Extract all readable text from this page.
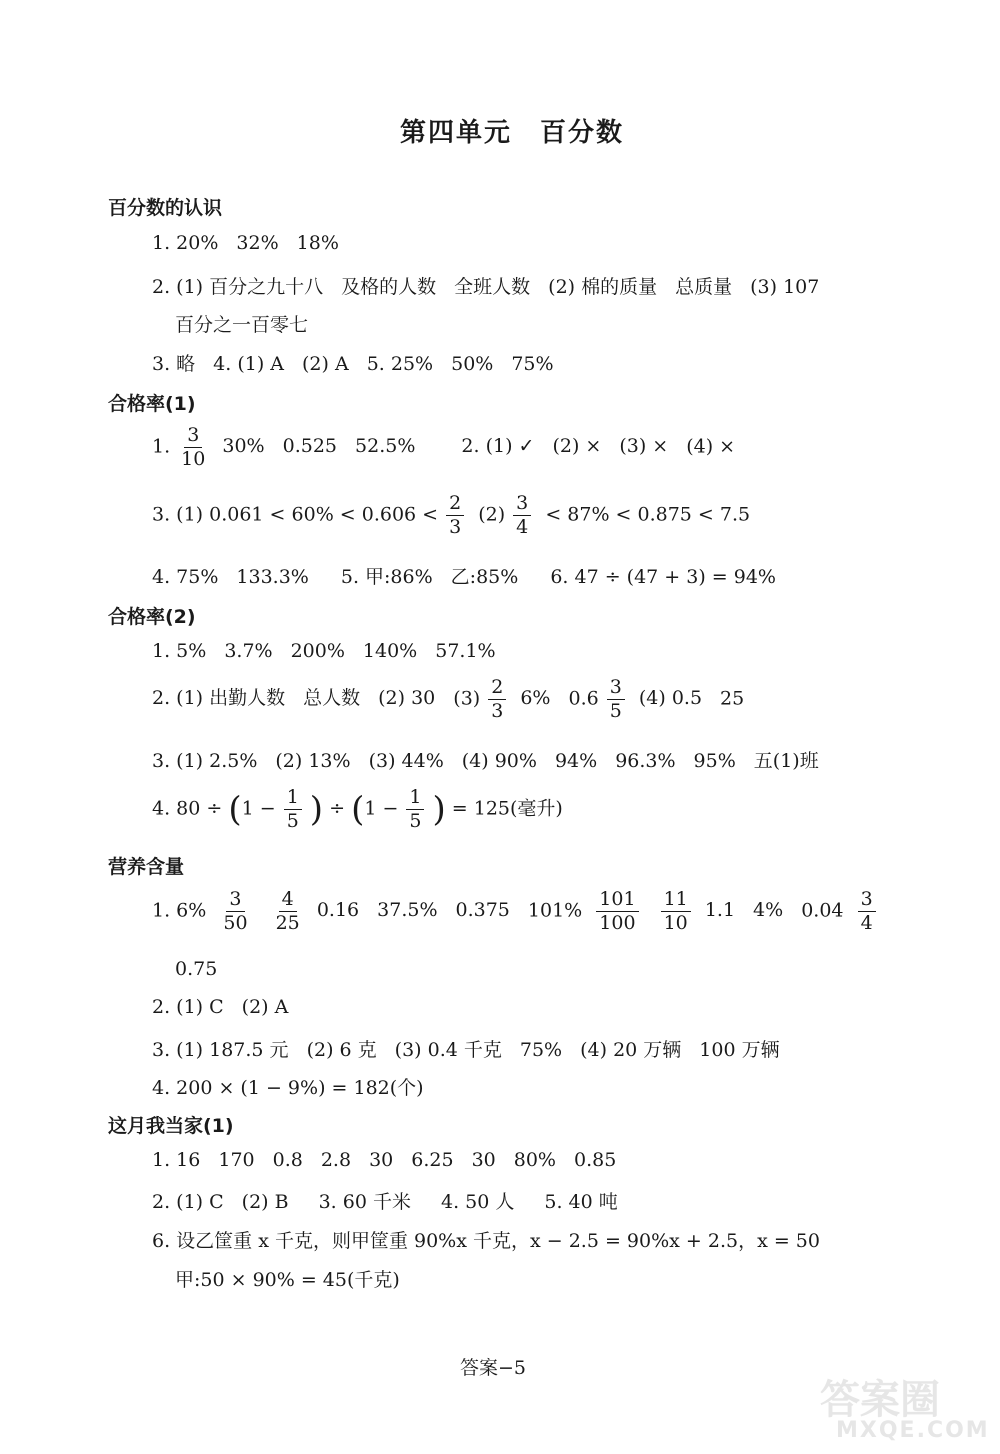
第四单元　百分数
百分数的认识
1. 20% 32% 18%
2. (1) 百分之九十八 及格的人数 全班人数 (2) 棉的质量 总质量 (3) 107
百分之一百零七
3. 略 4. (1) A (2) A 5. 25% 50% 75%
合格率(1)
1. $\frac{3}{10} 30\%$ 0.525 52.5% 2. (1) ✓ (2) × (3) × (4) ×
3. (1) $0.061 < 60\% < 0.606 < \frac{2}{3} (2) \frac{3}{4} < 87\% < 0.875 < 7.5$
4. 75% 133.3% 5. 甲:86% 乙:85% 6. 47 ÷ (47 + 3) = 94%
合格率(2)
1. 5% 3.7% 200% 140% 57.1%
2. (1) 出勤人数 总人数 (2) 30 $(3) \frac{2}{3} 6\%$ $0.6 \frac{3}{5} (4)$ 0.5 25
3. (1) 2.5% (2) 13% (3) 44% (4) 90% 94% 96.3% 95% 五(1)班
4. $80 \div (1 - \frac{1}{5}$ ) ÷ ($1 - \frac{1}{5}$ ) = 125(毫升)
营养含量
1. $6\% \frac{3}{50}$
$\frac{4}{25} 0.16$ 37.5% 0.375 $101\% \frac{101}{100}$
$\frac{11}{10} 1.1$ 4% $0.04 \frac{3}{4}$
0.75
2. (1) C (2) A
3. (1) 187.5 元 (2) 6 克 (3) 0.4 千克 75% (4) 20 万辆 100 万辆
4. 200 × (1 − 9%) = 182(个)
这月我当家(1)
1. 16 170 0.8 2.8 30 6.25 30 80% 0.85
2. (1) C (2) B 3. 60 千米 4. 50 人 5. 40 吨
6. 设乙筐重 x 千克，则甲筐重 90%x 千克，x − 2.5 = 90%x + 2.5，x = 50
甲:50 × 90% = 45(千克)
答案−5
答案圈
MXQE.COM
